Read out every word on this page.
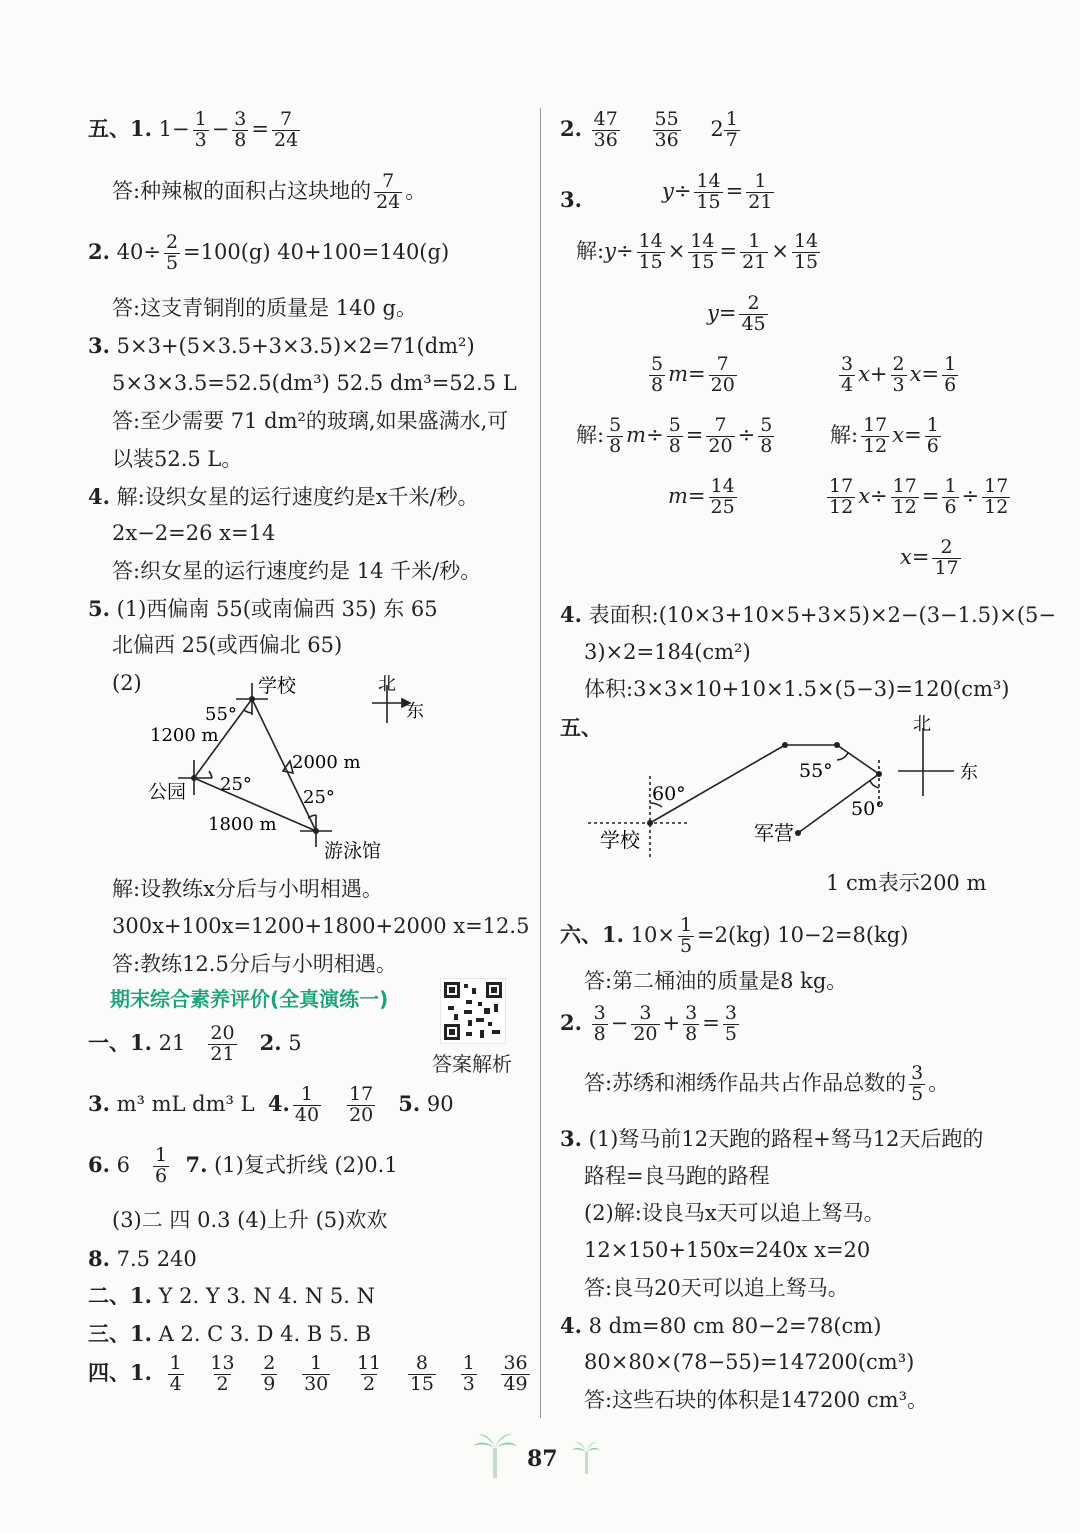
五、1. $1- \frac{1}{3} - \frac{3}{8} = \frac{7}{24}$
答:种辣椒的面积占这块地的 $\frac{7}{24}$ 。
2. $40\div \frac{2}{5} =100(g)$ 40+100=140(g)
答:这支青铜削的质量是 140 g。
3. 5×3+(5×3.5+3×3.5)×2=71(dm²)
5×3×3.5=52.5(dm³) 52.5 dm³=52.5 L
答:至少需要 71 dm²的玻璃,如果盛满水,可
以装52.5 L。
4. 解:设织女星的运行速度约是x千米/秒。
2x−2=26 x=14
答:织女星的运行速度约是 14 千米/秒。
5. (1)西偏南 55(或南偏西 35) 东 65
北偏西 25(或西偏北 65)
(2)	学校
公园
游泳馆
55°
25°
25°
1200 m
2000 m
1800 m
北
东
解:设教练x分后与小明相遇。
300x+100x=1200+1800+2000 x=12.5
答:教练12.5分后与小明相遇。
期末综合素养评价(全真演练一)
答案解析
一、1. $21 \frac{20}{21} 2$. 5
3. m³ mL dm³ L 4. $\frac{1}{40}$
$\frac{17}{20} 5$. 90
6. $6 \frac{1}{6} 7$. (1)复式折线 (2)0.1
(3)二 四 0.3 (4)上升 (5)欢欢
8. 7.5 240
二、1. Y 2. Y 3. N 4. N 5. N
三、1. A 2. C 3. D 4. B 5. B
四、1. $\frac{1}{4}$
$\frac{13}{2}$
$\frac{2}{9}$
$\frac{1}{30}$
$\frac{11}{2}$
$\frac{8}{15}$
$\frac{1}{3}$
$\frac{36}{49}$
2. $\frac{47}{36}$
$\frac{55}{36} 2 \frac{1}{7}$
3.	$y\div \frac{14}{15} = \frac{1}{21}$
解:y÷ $\frac{14}{15} \times \frac{14}{15} = \frac{1}{21} \times \frac{14}{15}$
$y= \frac{2}{45}$
$\frac{5}{8} m= \frac{7}{20}$
解: $\frac{5}{8} m\div \frac{5}{8} = \frac{7}{20} \div \frac{5}{8}$
$m= \frac{14}{25}$
$\frac{3}{4} x+ \frac{2}{3} x= \frac{1}{6}$
解: $\frac{17}{12} x= \frac{1}{6}$
$\frac{17}{12} x\div \frac{17}{12} = \frac{1}{6} \div \frac{17}{12}$
$x= \frac{2}{17}$
4. 表面积:(10×3+10×5+3×5)×2−(3−1.5)×(5−
3)×2=184(cm²)
体积:3×3×10+10×1.5×(5−3)=120(cm³)
五、
学校	军营
60°
55°
50°
北
东
1 cm表示200 m
六、1. $10\times \frac{1}{5} =2(kg)$ 10−2=8(kg)
答:第二桶油的质量是8 kg。
2. $\frac{3}{8} - \frac{3}{20} + \frac{3}{8} = \frac{3}{5}$
答:苏绣和湘绣作品共占作品总数的 $\frac{3}{5}$ 。
3. (1)驽马前12天跑的路程+驽马12天后跑的
路程=良马跑的路程
(2)解:设良马x天可以追上驽马。
12×150+150x=240x x=20
答:良马20天可以追上驽马。
4. 8 dm=80 cm 80−2=78(cm)
80×80×(78−55)=147200(cm³)
答:这些石块的体积是147200 cm³。
87
